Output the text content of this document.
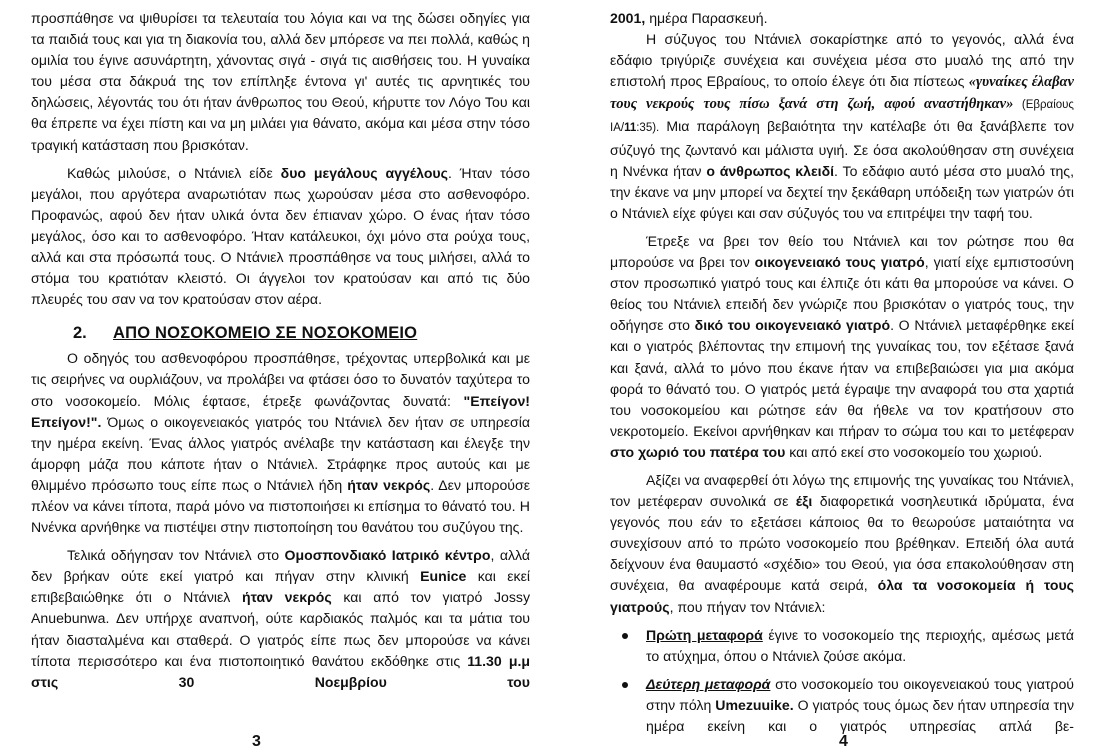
προσπάθησε να ψιθυρίσει τα τελευταία του λόγια και να της δώσει οδηγίες για τα παιδιά τους και για τη διακονία του, αλλά δεν μπόρεσε να πει πολλά, καθώς η ομιλία του έγινε ασυνάρτητη, χάνοντας σιγά - σιγά τις αισθήσεις του. Η γυναίκα του μέσα στα δάκρυά της τον επίπληξε έντονα γι' αυτές τις αρνητικές του δηλώσεις, λέγοντάς του ότι ήταν άνθρωπος του Θεού, κήρυττε τον Λόγο Του και θα έπρεπε να έχει πίστη και να μη μιλάει για θάνατο, ακόμα και μέσα στην τόσο τραγική κατάσταση που βρισκόταν.

Καθώς μιλούσε, ο Ντάνιελ είδε δυο μεγάλους αγγέλους. Ήταν τόσο μεγάλοι, που αργότερα αναρωτιόταν πως χωρούσαν μέσα στο ασθενοφόρο. Προφανώς, αφού δεν ήταν υλικά όντα δεν έπιαναν χώρο. Ο ένας ήταν τόσο μεγάλος, όσο και το ασθενοφόρο. Ήταν κατάλευκοι, όχι μόνο στα ρούχα τους, αλλά και στα πρόσωπά τους. Ο Ντάνιελ προσπάθησε να τους μιλήσει, αλλά το στόμα του κρατιόταν κλειστό. Οι άγγελοι τον κρατούσαν και από τις δύο πλευρές του σαν να τον κρατούσαν στον αέρα.

2. ΑΠΟ ΝΟΣΟΚΟΜΕΙΟ ΣΕ ΝΟΣΟΚΟΜΕΙΟ

Ο οδηγός του ασθενοφόρου προσπάθησε, τρέχοντας υπερβολικά και με τις σειρήνες να ουρλιάζουν, να προλάβει να φτάσει όσο το δυνατόν ταχύτερα το στο νοσοκομείο. Μόλις έφτασε, έτρεξε φωνάζοντας δυνατά: "Επείγον! Επείγον!". Όμως ο οικογενειακός γιατρός του Ντάνιελ δεν ήταν σε υπηρεσία την ημέρα εκείνη. Ένας άλλος γιατρός ανέλαβε την κατάσταση και έλεγξε την άμορφη μάζα που κάποτε ήταν ο Ντάνιελ. Στράφηκε προς αυτούς και με θλιμμένο πρόσωπο τους είπε πως ο Ντάνιελ ήδη ήταν νεκρός. Δεν μπορούσε πλέον να κάνει τίποτα, παρά μόνο να πιστοποιήσει κι επίσημα το θάνατό του. Η Ννένκα αρνήθηκε να πιστέψει στην πιστοποίηση του θανάτου του συζύγου της.

Τελικά οδήγησαν τον Ντάνιελ στο Ομοσπονδιακό Ιατρικό κέντρο, αλλά δεν βρήκαν ούτε εκεί γιατρό και πήγαν στην κλινική Eunice και εκεί επιβεβαιώθηκε ότι ο Ντάνιελ ήταν νεκρός και από τον γιατρό Jossy Anuebunwa. Δεν υπήρχε αναπνοή, ούτε καρδιακός παλμός και τα μάτια του ήταν διασταλμένα και σταθερά. Ο γιατρός είπε πως δεν μπορούσε να κάνει τίποτα περισσότερο και ένα πιστοποιητικό θανάτου εκδόθηκε στις 11.30 μ.μ στις 30 Νοεμβρίου του

3

2001, ημέρα Παρασκευή.

Η σύζυγος του Ντάνιελ σοκαρίστηκε από το γεγονός, αλλά ένα εδάφιο τριγύριζε συνέχεια και συνέχεια μέσα στο μυαλό της από την επιστολή προς Εβραίους, το οποίο έλεγε ότι δια πίστεως «γυναίκες έλαβαν τους νεκρούς τους πίσω ξανά στη ζωή, αφού αναστήθηκαν» (Εβραίους ΙΑ/11:35). Μια παράλογη βεβαιότητα την κατέλαβε ότι θα ξανάβλεπε τον σύζυγό της ζωντανό και μάλιστα υγιή. Σε όσα ακολούθησαν στη συνέχεια η Ννένκα ήταν ο άνθρωπος κλειδί. Το εδάφιο αυτό μέσα στο μυαλό της, την έκανε να μην μπορεί να δεχτεί την ξεκάθαρη υπόδειξη των γιατρών ότι ο Ντάνιελ είχε φύγει και σαν σύζυγός του να επιτρέψει την ταφή του.

Έτρεξε να βρει τον θείο του Ντάνιελ και τον ρώτησε που θα μπορούσε να βρει τον οικογενειακό τους γιατρό, γιατί είχε εμπιστοσύνη στον προσωπικό γιατρό τους και έλπιζε ότι κάτι θα μπορούσε να κάνει. Ο θείος του Ντάνιελ επειδή δεν γνώριζε που βρισκόταν ο γιατρός τους, την οδήγησε στο δικό του οικογενειακό γιατρό. Ο Ντάνιελ μεταφέρθηκε εκεί και ο γιατρός βλέποντας την επιμονή της γυναίκας του, τον εξέτασε ξανά και ξανά, αλλά το μόνο που έκανε ήταν να επιβεβαιώσει για μια ακόμα φορά το θάνατό του. Ο γιατρός μετά έγραψε την αναφορά του στα χαρτιά του νοσοκομείου και ρώτησε εάν θα ήθελε να τον κρατήσουν στο νεκροτομείο. Εκείνοι αρνήθηκαν και πήραν το σώμα του και το μετέφεραν στο χωριό του πατέρα του και από εκεί στο νοσοκομείο του χωριού.

Αξίζει να αναφερθεί ότι λόγω της επιμονής της γυναίκας του Ντάνιελ, τον μετέφεραν συνολικά σε έξι διαφορετικά νοσηλευτικά ιδρύματα, ένα γεγονός που εάν το εξετάσει κάποιος θα το θεωρούσε ματαιότητα να συνεχίσουν από το πρώτο νοσοκομείο που βρέθηκαν. Επειδή όλα αυτά δείχνουν ένα θαυμαστό «σχέδιο» του Θεού, για όσα επακολούθησαν στη συνέχεια, θα αναφέρουμε κατά σειρά, όλα τα νοσοκομεία ή τους γιατρούς, που πήγαν τον Ντάνιελ:

Πρώτη μεταφορά έγινε το νοσοκομείο της περιοχής, αμέσως μετά το ατύχημα, όπου ο Ντάνιελ ζούσε ακόμα.
Δεύτερη μεταφορά στο νοσοκομείο του οικογενειακού τους γιατρού στην πόλη Umezuuike. Ο γιατρός τους όμως δεν ήταν υπηρεσία την ημέρα εκείνη και ο γιατρός υπηρεσίας απλά βε-
4
